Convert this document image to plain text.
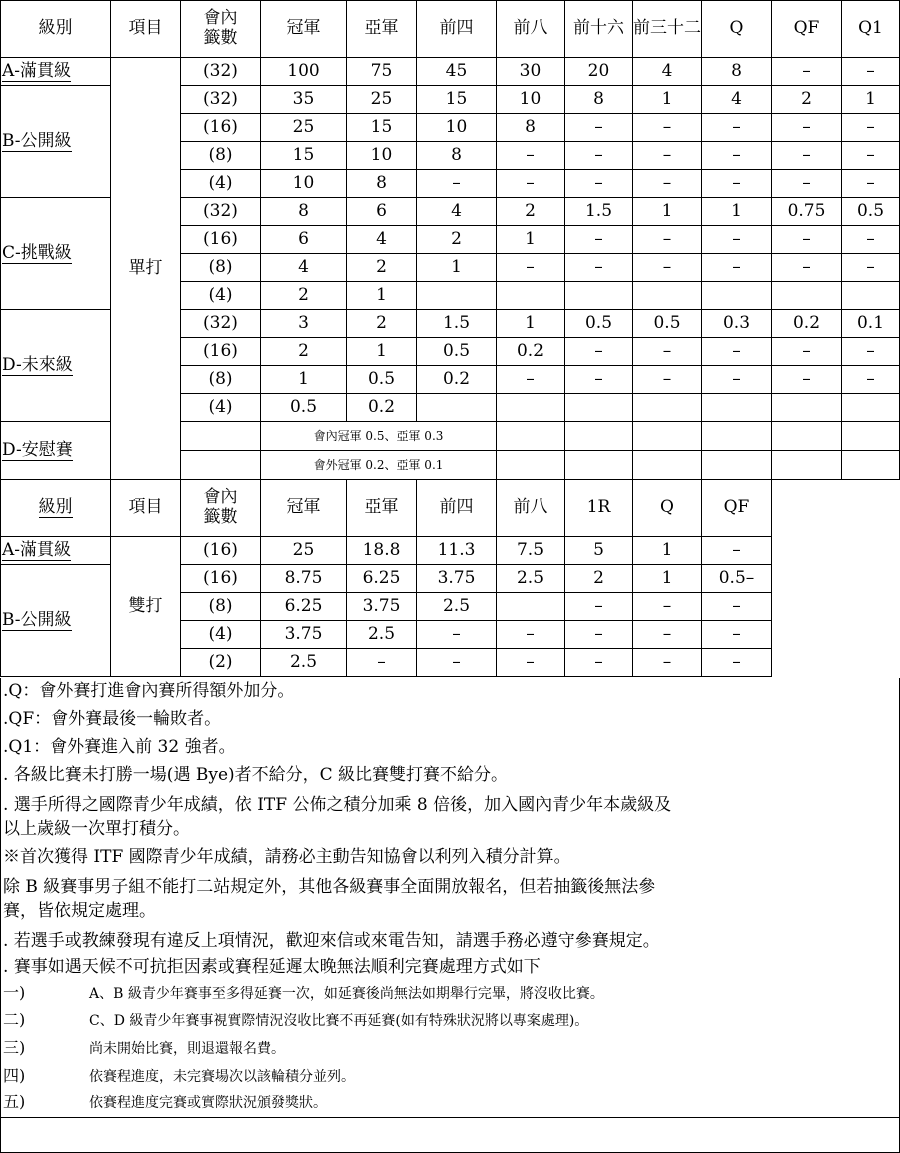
級別	項目	會內
籤數	冠軍	亞軍	前四	前八	前十六	前三十二	Q	QF	Q1
A-滿貫級	單打	(32)	100	75	45	30	20	4	8	–	–
B-公開級		(32)	35	25	15	10	8	1	4	2	1
		(16)	25	15	10	8	–	–	–	–	–
		(8)	15	10	8	–	–	–	–	–	–
		(4)	10	8	–	–	–	–	–	–	–
C-挑戰級		(32)	8	6	4	2	1.5	1	1	0.75	0.5
		(16)	6	4	2	1	–	–	–	–	–
		(8)	4	2	1	–	–	–	–	–	–
		(4)	2	1							
D-未來級		(32)	3	2	1.5	1	0.5	0.5	0.3	0.2	0.1
		(16)	2	1	0.5	0.2	–	–	–	–	–
		(8)	1	0.5	0.2	–	–	–	–	–	–
		(4)	0.5	0.2							
D-安慰賽			會內冠軍 0.5、亞軍 0.3								
			會外冠軍 0.2、亞軍 0.1								
級別	項目	會內
籤數	冠軍	亞軍	前四	前八	1R	Q	QF		
A-滿貫級	雙打	(16)	25	18.8	11.3	7.5	5	1	–		
B-公開級		(16)	8.75	6.25	3.75	2.5	2	1	0.5–		
		(8)	6.25	3.75	2.5		–	–	–		
		(4)	3.75	2.5	–	–	–	–	–		
		(2)	2.5	–	–	–	–	–	–		
.Q：會外賽打進會內賽所得額外加分。
.QF：會外賽最後一輪敗者。
.Q1：會外賽進入前 32 強者。
. 各級比賽未打勝一場(遇 Bye)者不給分，C 級比賽雙打賽不給分。
. 選手所得之國際青少年成績，依 ITF 公佈之積分加乘 8 倍後，加入國內青少年本歲級及
以上歲級一次單打積分。
※首次獲得 ITF 國際青少年成績，請務必主動告知協會以利列入積分計算。
除 B 級賽事男子組不能打二站規定外，其他各級賽事全面開放報名，但若抽籤後無法參
賽，皆依規定處理。
. 若選手或教練發現有違反上項情況，歡迎來信或來電告知，請選手務必遵守參賽規定。
. 賽事如遇天候不可抗拒因素或賽程延遲太晚無法順利完賽處理方式如下
一)	A、B 級青少年賽事至多得延賽一次，如延賽後尚無法如期舉行完畢，將沒收比賽。
二)	C、D 級青少年賽事視實際情況沒收比賽不再延賽(如有特殊狀況將以專案處理)。
三)	尚未開始比賽，則退還報名費。
四)	依賽程進度，未完賽場次以該輪積分並列。
五)	依賽程進度完賽或實際狀況頒發獎狀。
